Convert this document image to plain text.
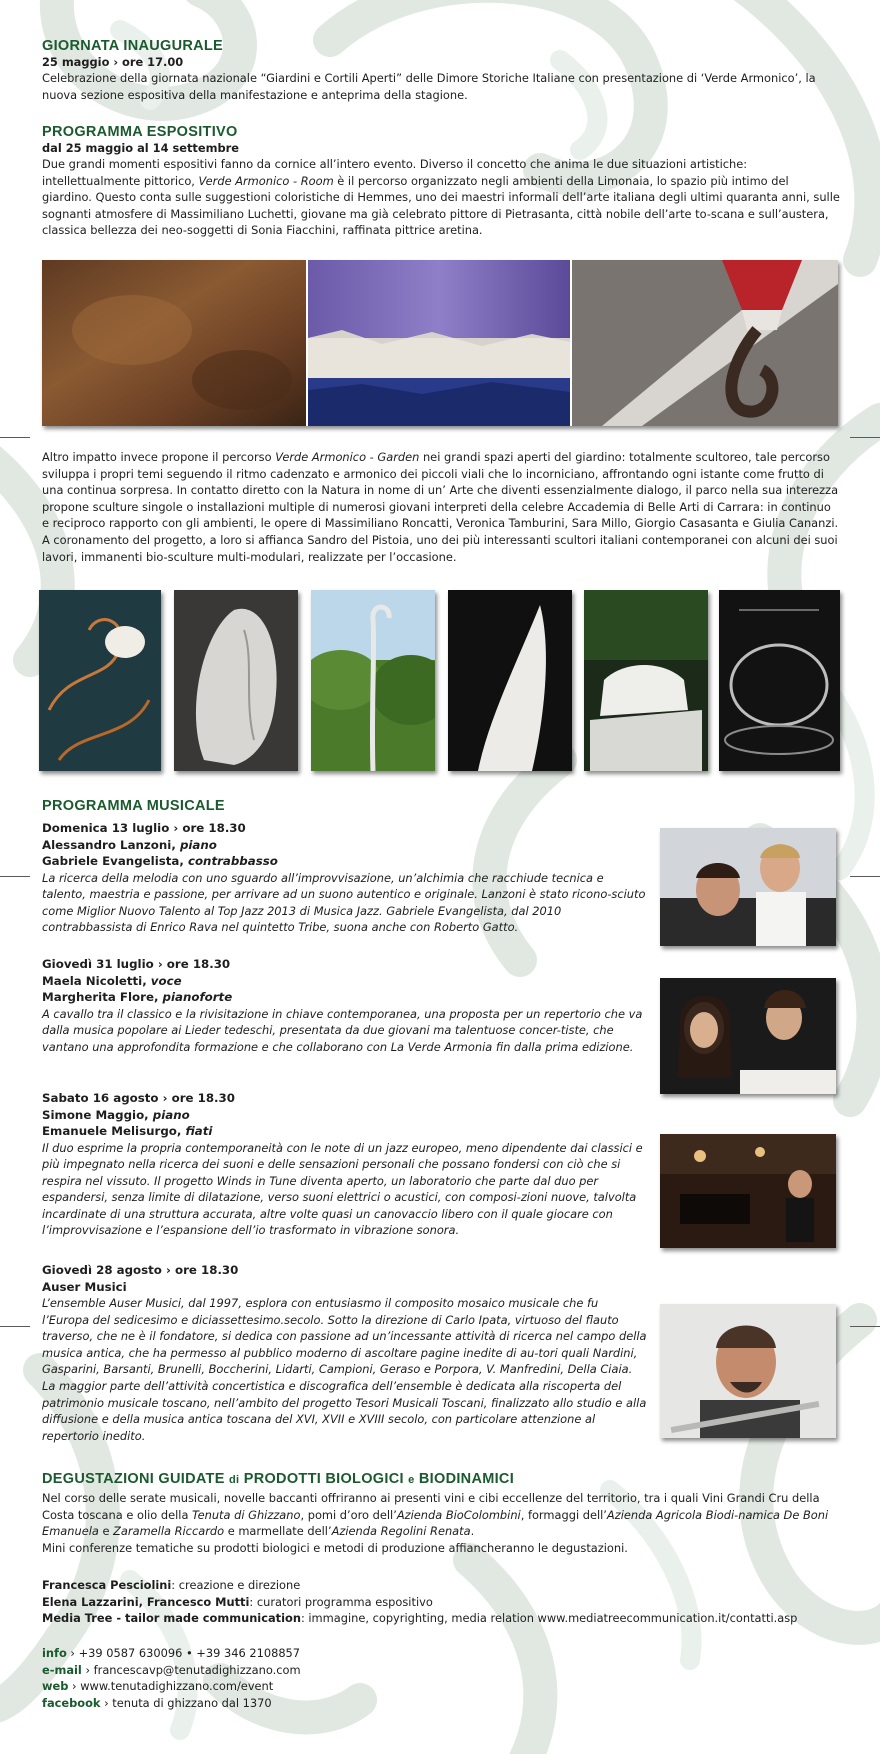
GIORNATA INAUGURALE

25 maggio › ore 17.00

Celebrazione della giornata nazionale “Giardini e Cortili Aperti” delle Dimore Storiche Italiane con presentazione di ‘Verde Armonico’, la nuova sezione espositiva della manifestazione e anteprima della stagione.

PROGRAMMA ESPOSITIVO

dal 25 maggio al 14 settembre

Due grandi momenti espositivi fanno da cornice all’intero evento. Diverso il concetto che anima le due situazioni artistiche: intellettualmente pittorico, Verde Armonico - Room è il percorso organizzato negli ambienti della Limonaia, lo spazio più intimo del giardino. Questo conta sulle suggestioni coloristiche di Hemmes, uno dei maestri informali dell’arte italiana degli ultimi quaranta anni, sulle sognanti atmosfere di Massimiliano Luchetti, giovane ma già celebrato pittore di Pietrasanta, città nobile dell’arte to-scana e sull’austera, classica bellezza dei neo-soggetti di Sonia Fiacchini, raffinata pittrice aretina.

Altro impatto invece propone il percorso Verde Armonico - Garden nei grandi spazi aperti del giardino: totalmente scultoreo, tale percorso sviluppa i propri temi seguendo il ritmo cadenzato e armonico dei piccoli viali che lo incorniciano, affrontando ogni istante come frutto di una continua sorpresa. In contatto diretto con la Natura in nome di un’ Arte che diventi essenzialmente dialogo, il parco nella sua interezza propone sculture singole o installazioni multiple di numerosi giovani interpreti della celebre Accademia di Belle Arti di Carrara: in continuo e reciproco rapporto con gli ambienti, le opere di Massimiliano Roncatti, Veronica Tamburini, Sara Millo, Giorgio Casasanta e Giulia Cananzi. A coronamento del progetto, a loro si affianca Sandro del Pistoia, uno dei più interessanti scultori italiani contemporanei con alcuni dei suoi lavori, immanenti bio-sculture multi-modulari, realizzate per l’occasione.

PROGRAMMA MUSICALE

Domenica 13 luglio › ore 18.30

Alessandro Lanzoni, piano

Gabriele Evangelista, contrabbasso

La ricerca della melodia con uno sguardo all’improvvisazione, un’alchimia che racchiude tecnica e talento, maestria e passione, per arrivare ad un suono autentico e originale. Lanzoni è stato ricono-sciuto come Miglior Nuovo Talento al Top Jazz 2013 di Musica Jazz. Gabriele Evangelista, dal 2010 contrabbassista di Enrico Rava nel quintetto Tribe, suona anche con Roberto Gatto.

Giovedì 31 luglio › ore 18.30

Maela Nicoletti, voce

Margherita Flore, pianoforte

A cavallo tra il classico e la rivisitazione in chiave contemporanea, una proposta per un repertorio che va dalla musica popolare ai Lieder tedeschi, presentata da due giovani ma talentuose concer-tiste, che vantano una approfondita formazione e che collaborano con La Verde Armonia fin dalla prima edizione.

Sabato 16 agosto › ore 18.30

Simone Maggio, piano

Emanuele Melisurgo, fiati

Il duo esprime la propria contemporaneità con le note di un jazz europeo, meno dipendente dai classici e più impegnato nella ricerca dei suoni e delle sensazioni personali che possano fondersi con ciò che si respira nel vissuto. Il progetto Winds in Tune diventa aperto, un laboratorio che parte dal duo per espandersi, senza limite di dilatazione, verso suoni elettrici o acustici, con composi-zioni nuove, talvolta incardinate di una struttura accurata, altre volte quasi un canovaccio libero con il quale giocare con l’improvvisazione e l’espansione dell’io trasformato in vibrazione sonora.

Giovedì 28 agosto › ore 18.30

Auser Musici

L’ensemble Auser Musici, dal 1997, esplora con entusiasmo il composito mosaico musicale che fu l’Europa del sedicesimo e diciassettesimo.secolo. Sotto la direzione di Carlo Ipata, virtuoso del flauto traverso, che ne è il fondatore, si dedica con passione ad un’incessante attività di ricerca nel campo della musica antica, che ha permesso al pubblico moderno di ascoltare pagine inedite di au-tori quali Nardini, Gasparini, Barsanti, Brunelli, Boccherini, Lidarti, Campioni, Geraso e Porpora, V. Manfredini, Della Ciaia. La maggior parte dell’attività concertistica e discografica dell’ensemble è dedicata alla riscoperta del patrimonio musicale toscano, nell’ambito del progetto Tesori Musicali Toscani, finalizzato allo studio e alla diffusione e della musica antica toscana del XVI, XVII e XVIII secolo, con particolare attenzione al repertorio inedito.

DEGUSTAZIONI GUIDATE di PRODOTTI BIOLOGICI e BIODINAMICI

Nel corso delle serate musicali, novelle baccanti offriranno ai presenti vini e cibi eccellenze del territorio, tra i quali Vini Grandi Cru della Costa toscana e olio della Tenuta di Ghizzano, pomi d’oro dell’Azienda BioColombini, formaggi dell’Azienda Agricola Biodi-namica De Boni Emanuela e Zaramella Riccardo e marmellate dell’Azienda Regolini Renata.

Mini conferenze tematiche su prodotti biologici e metodi di produzione affiancheranno le degustazioni.

Francesca Pesciolini: creazione e direzione

Elena Lazzarini, Francesco Mutti: curatori programma espositivo

Media Tree - tailor made communication: immagine, copyrighting, media relation www.mediatreecommunication.it/contatti.asp

info › +39 0587 630096 • +39 346 2108857

e-mail › francescavp@tenutadighizzano.com

web › www.tenutadighizzano.com/event

facebook › tenuta di ghizzano dal 1370
